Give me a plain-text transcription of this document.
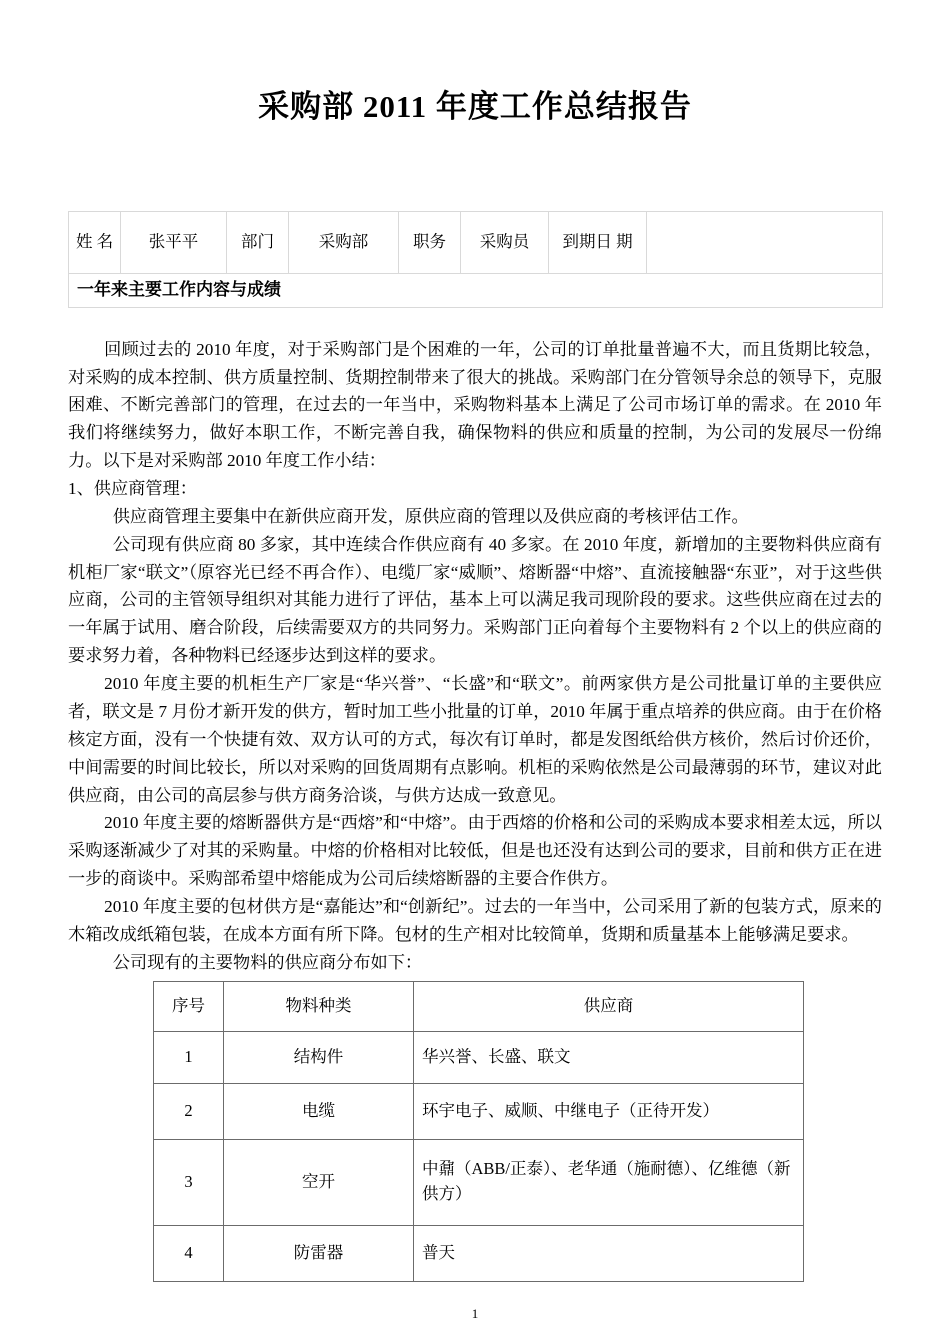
采购部 2011 年度工作总结报告
姓 名	张平平	部门	采购部	职务	采购员	到期日 期	
一年来主要工作内容与成绩

回顾过去的 2010 年度，对于采购部门是个困难的一年，公司的订单批量普遍不大，而且货期比较急，对采购的成本控制、供方质量控制、货期控制带来了很大的挑战。采购部门在分管领导余总的领导下，克服困难、不断完善部门的管理，在过去的一年当中，采购物料基本上满足了公司市场订单的需求。在 2010 年我们将继续努力，做好本职工作，不断完善自我，确保物料的供应和质量的控制，为公司的发展尽一份绵力。以下是对采购部 2010 年度工作小结：

1、供应商管理：

供应商管理主要集中在新供应商开发，原供应商的管理以及供应商的考核评估工作。

公司现有供应商 80 多家，其中连续合作供应商有 40 多家。在 2010 年度，新增加的主要物料供应商有机柜厂家“联文”（原容光已经不再合作）、电缆厂家“威顺”、熔断器“中熔”、直流接触器“东亚”，对于这些供应商，公司的主管领导组织对其能力进行了评估，基本上可以满足我司现阶段的要求。这些供应商在过去的一年属于试用、磨合阶段，后续需要双方的共同努力。采购部门正向着每个主要物料有 2 个以上的供应商的要求努力着，各种物料已经逐步达到这样的要求。

2010 年度主要的机柜生产厂家是“华兴誉”、“长盛”和“联文”。前两家供方是公司批量订单的主要供应者，联文是 7 月份才新开发的供方，暂时加工些小批量的订单，2010 年属于重点培养的供应商。由于在价格核定方面，没有一个快捷有效、双方认可的方式，每次有订单时，都是发图纸给供方核价，然后讨价还价，中间需要的时间比较长，所以对采购的回货周期有点影响。机柜的采购依然是公司最薄弱的环节，建议对此供应商，由公司的高层参与供方商务洽谈，与供方达成一致意见。

2010 年度主要的熔断器供方是“西熔”和“中熔”。由于西熔的价格和公司的采购成本要求相差太远，所以采购逐渐减少了对其的采购量。中熔的价格相对比较低，但是也还没有达到公司的要求，目前和供方正在进一步的商谈中。采购部希望中熔能成为公司后续熔断器的主要合作供方。

2010 年度主要的包材供方是“嘉能达”和“创新纪”。过去的一年当中，公司采用了新的包装方式，原来的木箱改成纸箱包装，在成本方面有所下降。包材的生产相对比较简单，货期和质量基本上能够满足要求。

公司现有的主要物料的供应商分布如下：

序号	物料种类	供应商
1	结构件	华兴誉、长盛、联文
2	电缆	环宇电子、威顺、中继电子（正待开发）
3	空开	中鼐（ABB/正泰）、老华通（施耐德）、亿维德（新供方）
4	防雷器	普天
1
